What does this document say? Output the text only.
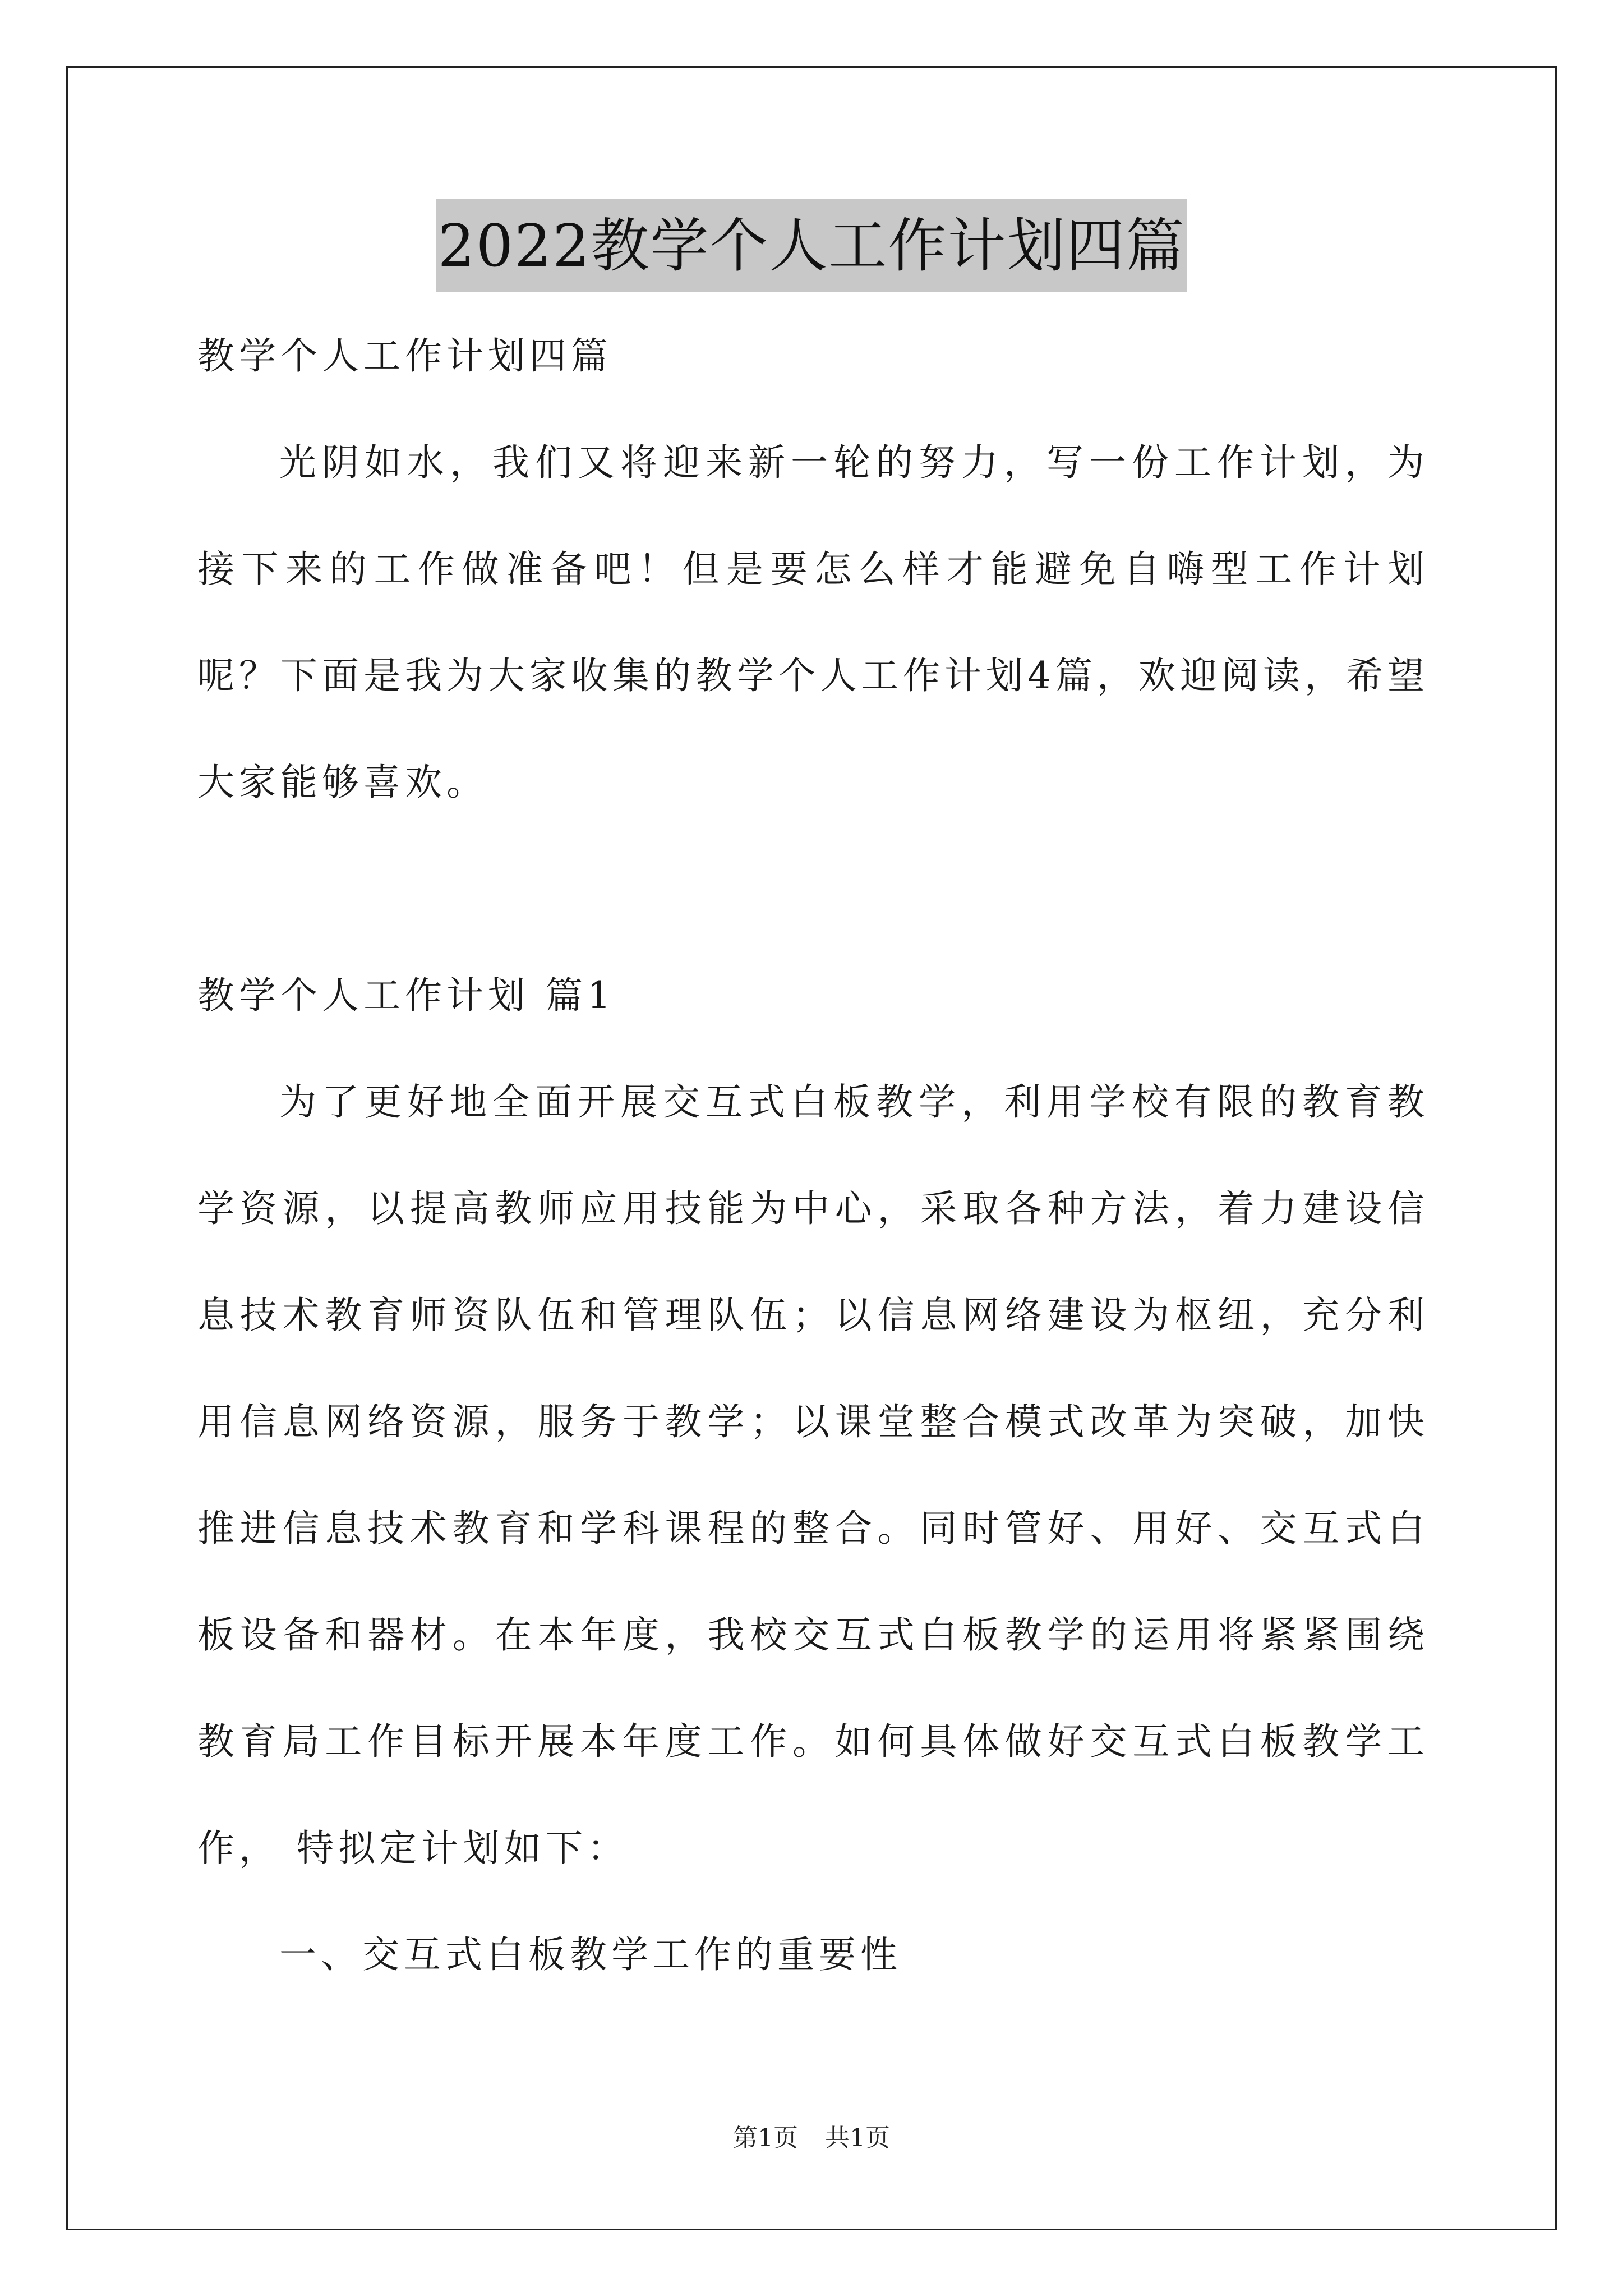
2022教学个人工作计划四篇

教学个人工作计划四篇

光阴如水，我们又将迎来新一轮的努力，写一份工作计划，为接下来的工作做准备吧！但是要怎么样才能避免自嗨型工作计划呢？下面是我为大家收集的教学个人工作计划4篇，欢迎阅读，希望大家能够喜欢。

教学个人工作计划 篇1

为了更好地全面开展交互式白板教学，利用学校有限的教育教学资源，以提高教师应用技能为中心，采取各种方法，着力建设信息技术教育师资队伍和管理队伍；以信息网络建设为枢纽，充分利用信息网络资源，服务于教学；以课堂整合模式改革为突破，加快推进信息技术教育和学科课程的整合。同时管好、用好、交互式白板设备和器材。在本年度，我校交互式白板教学的运用将紧紧围绕教育局工作目标开展本年度工作。如何具体做好交互式白板教学工作， 特拟定计划如下：

一、交互式白板教学工作的重要性

第1页 共1页
